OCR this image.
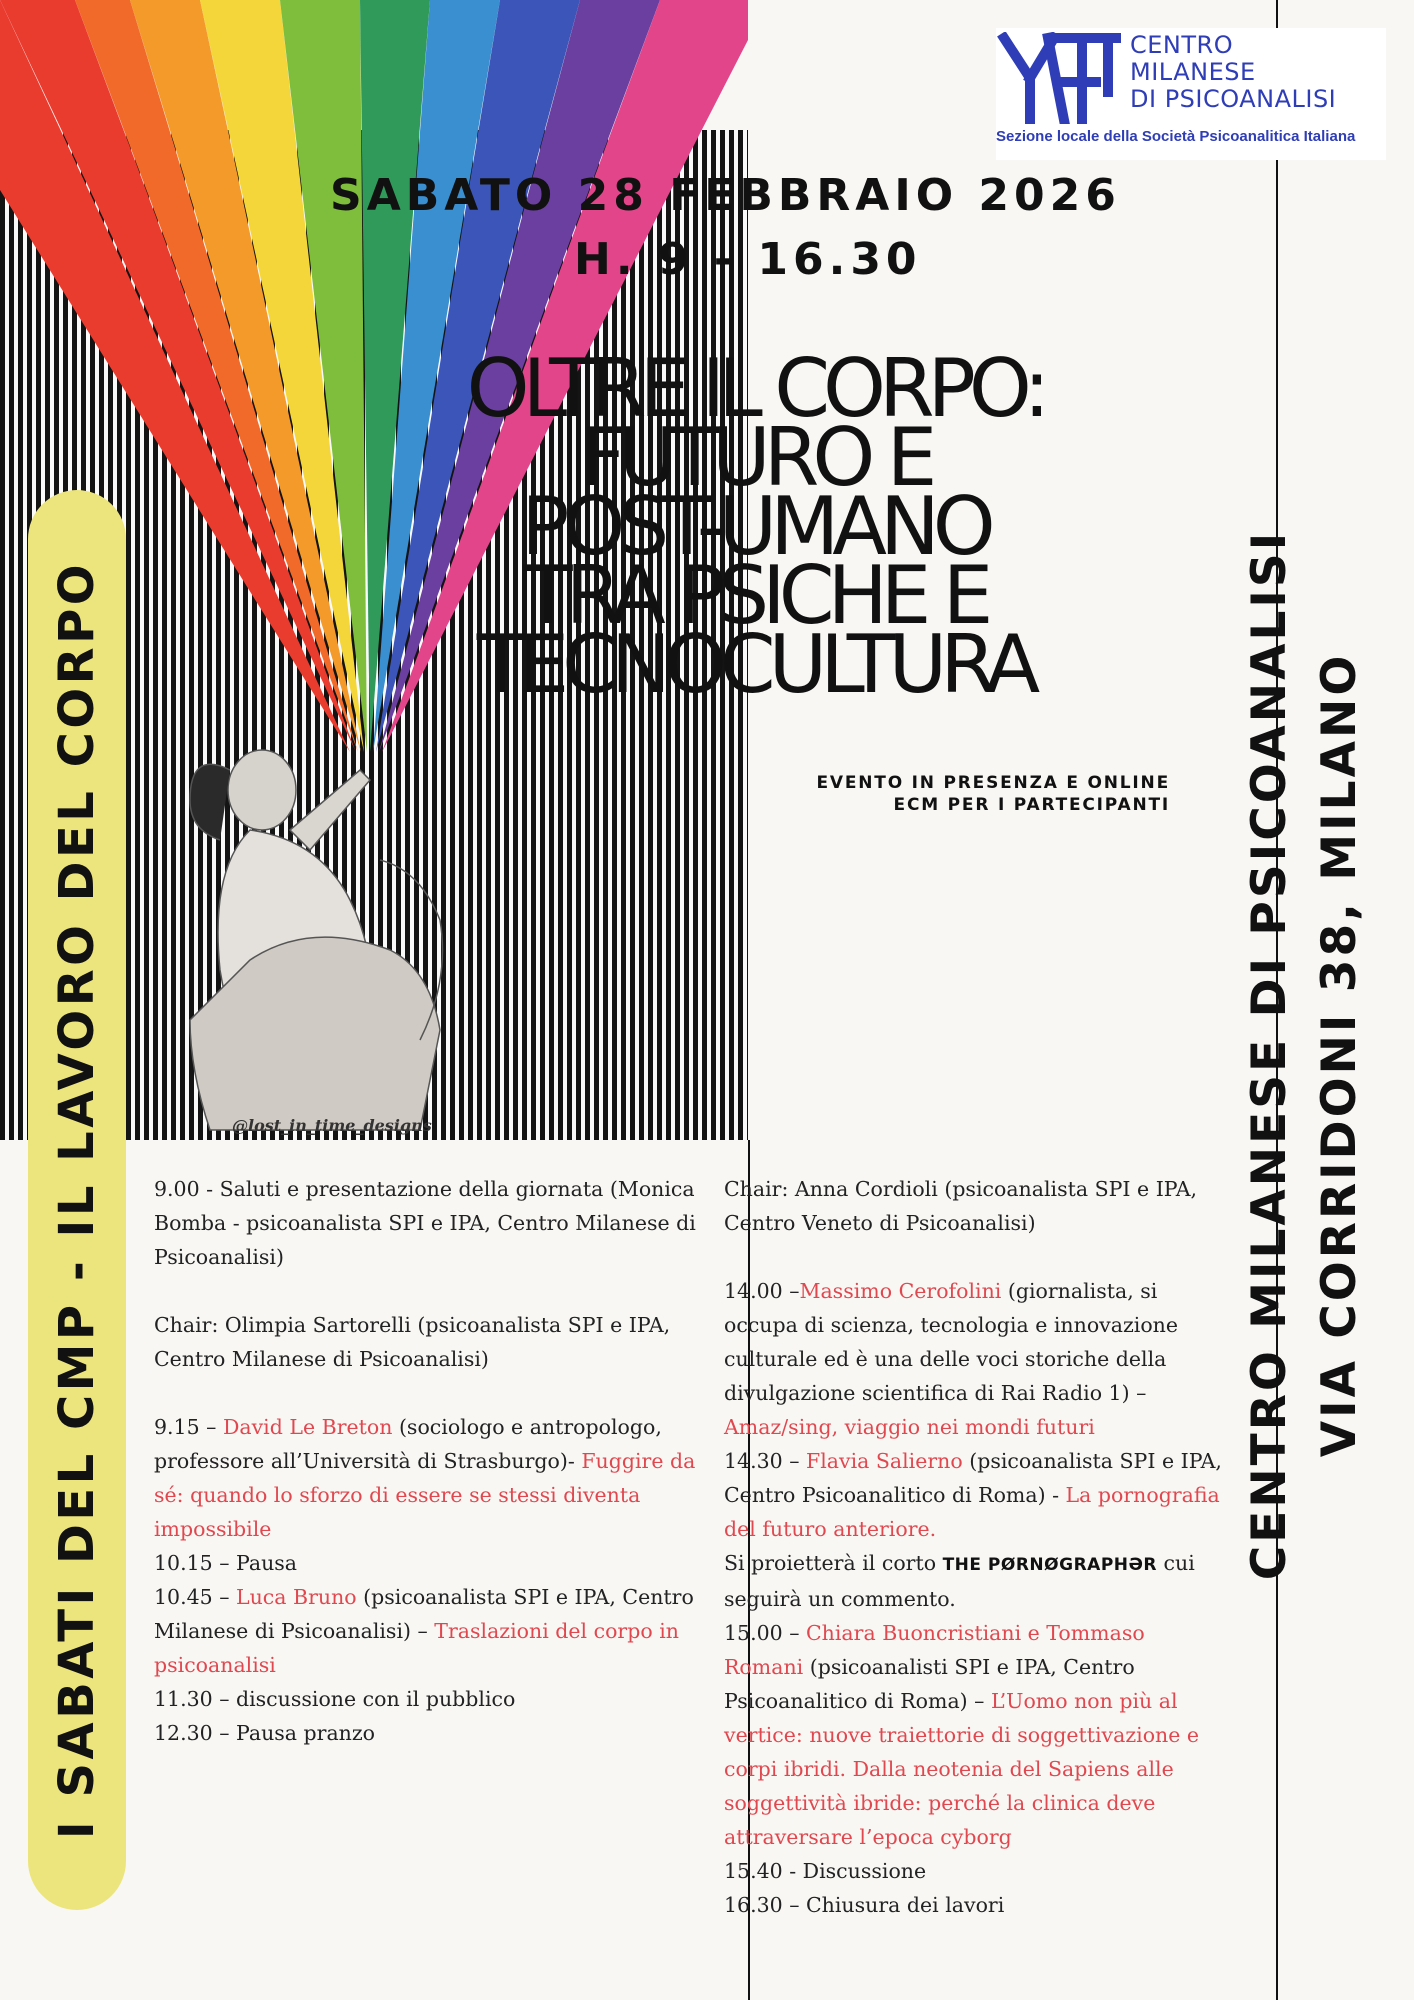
@lost_in_time_designs
CENTRO
MILANESE
DI PSICOANALISI
Sezione locale della Società Psicoanalitica Italiana
SABATO 28 FEBBRAIO 2026
H. 9 - 16.30
OLTRE IL CORPO:
FUTURO E
POST-UMANO
TRA PSICHE E
TECNOCULTURA
EVENTO IN PRESENZA E ONLINE
ECM PER I PARTECIPANTI
I SABATI DEL CMP - IL LAVORO DEL CORPO	CENTRO MILANESE DI PSICOANALISI VIA CORRIDONI 38, MILANO

9.00 - Saluti e presentazione della giornata (Monica Bomba - psicoanalista SPI e IPA, Centro Milanese di Psicoanalisi)

Chair: Olimpia Sartorelli (psicoanalista SPI e IPA, Centro Milanese di Psicoanalisi)

9.15 – David Le Breton (sociologo e antropologo, professore all’Università di Strasburgo)- Fuggire da sé: quando lo sforzo di essere se stessi diventa impossibile

10.15 – Pausa

10.45 – Luca Bruno (psicoanalista SPI e IPA, Centro Milanese di Psicoanalisi) – Traslazioni del corpo in psicoanalisi

11.30 – discussione con il pubblico

12.30 – Pausa pranzo

Chair: Anna Cordioli (psicoanalista SPI e IPA, Centro Veneto di Psicoanalisi)

14.00 –Massimo Cerofolini (giornalista, si occupa di scienza, tecnologia e innovazione culturale ed è una delle voci storiche della divulgazione scientifica di Rai Radio 1) – Amaz/sing, viaggio nei mondi futuri

14.30 – Flavia Salierno (psicoanalista SPI e IPA, Centro Psicoanalitico di Roma) - La pornografia del futuro anteriore.

Si proietterà il corto THE PØRNØGRAPHƏR cui seguirà un commento.

15.00 – Chiara Buoncristiani e Tommaso Romani (psicoanalisti SPI e IPA, Centro Psicoanalitico di Roma) – L’Uomo non più al vertice: nuove traiettorie di soggettivazione e corpi ibridi. Dalla neotenia del Sapiens alle soggettività ibride: perché la clinica deve attraversare l’epoca cyborg

15.40 - Discussione

16.30 – Chiusura dei lavori
